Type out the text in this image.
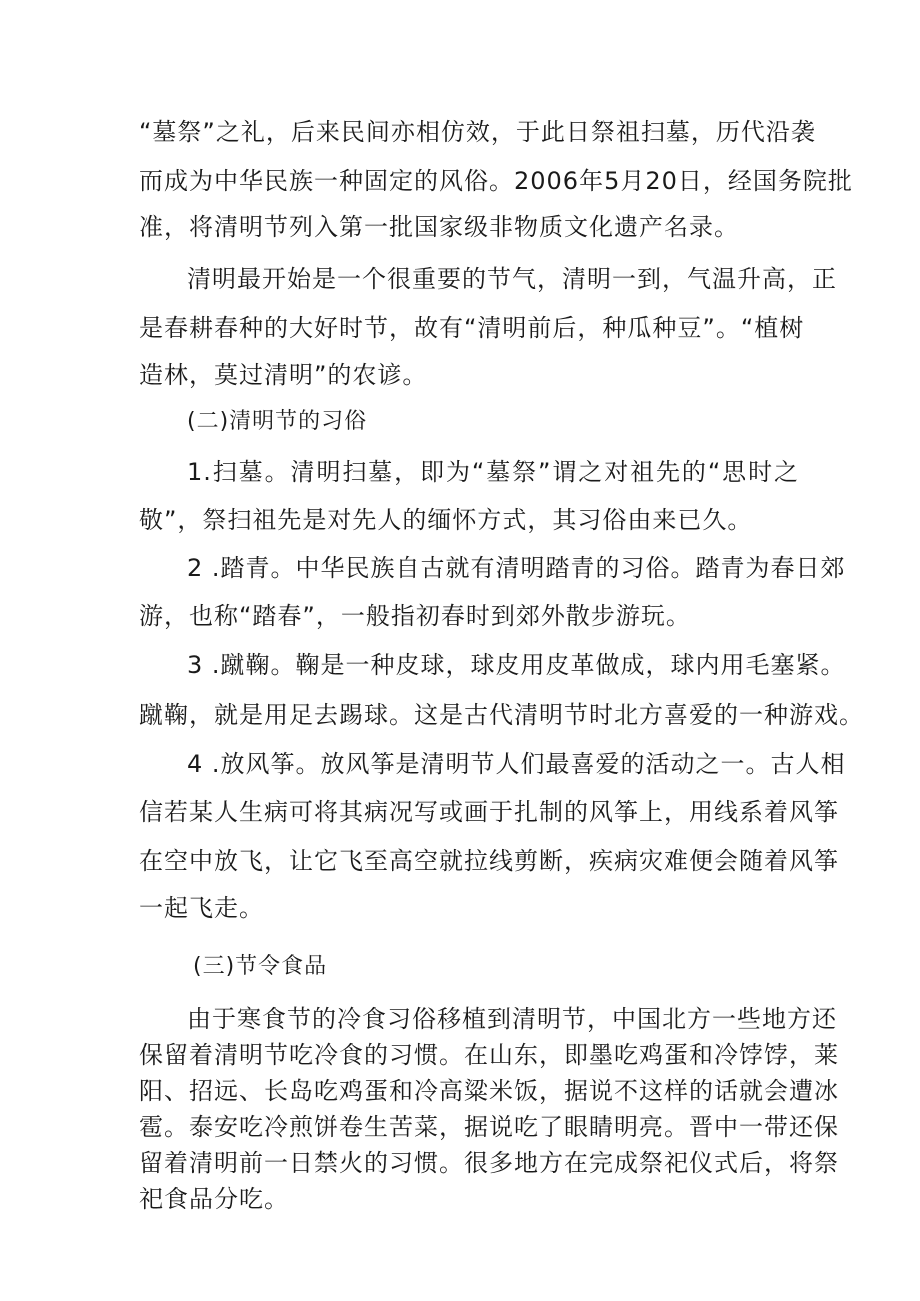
“墓祭”之礼，后来民间亦相仿效，于此日祭祖扫墓，历代沿袭
而成为中华民族一种固定的风俗。2006年5月20日，经国务院批
准，将清明节列入第一批国家级非物质文化遗产名录。
清明最开始是一个很重要的节气，清明一到，气温升高，正
是春耕春种的大好时节，故有“清明前后，种瓜种豆”。“植树
造林，莫过清明”的农谚。
(二)清明节的习俗
1.扫墓。清明扫墓，即为“墓祭”谓之对祖先的“思时之
敬”，祭扫祖先是对先人的缅怀方式，其习俗由来已久。
2 .踏青。中华民族自古就有清明踏青的习俗。踏青为春日郊
游，也称“踏春”，一般指初春时到郊外散步游玩。
3 .蹴鞠。鞠是一种皮球，球皮用皮革做成，球内用毛塞紧。
蹴鞠，就是用足去踢球。这是古代清明节时北方喜爱的一种游戏。
4 .放风筝。放风筝是清明节人们最喜爱的活动之一。古人相
信若某人生病可将其病况写或画于扎制的风筝上，用线系着风筝
在空中放飞，让它飞至高空就拉线剪断，疾病灾难便会随着风筝
一起飞走。
(三)节令食品
由于寒食节的冷食习俗移植到清明节，中国北方一些地方还
保留着清明节吃冷食的习惯。在山东，即墨吃鸡蛋和冷饽饽，莱
阳、招远、长岛吃鸡蛋和冷高粱米饭，据说不这样的话就会遭冰
雹。泰安吃冷煎饼卷生苦菜，据说吃了眼睛明亮。晋中一带还保
留着清明前一日禁火的习惯。很多地方在完成祭祀仪式后，将祭
祀食品分吃。
